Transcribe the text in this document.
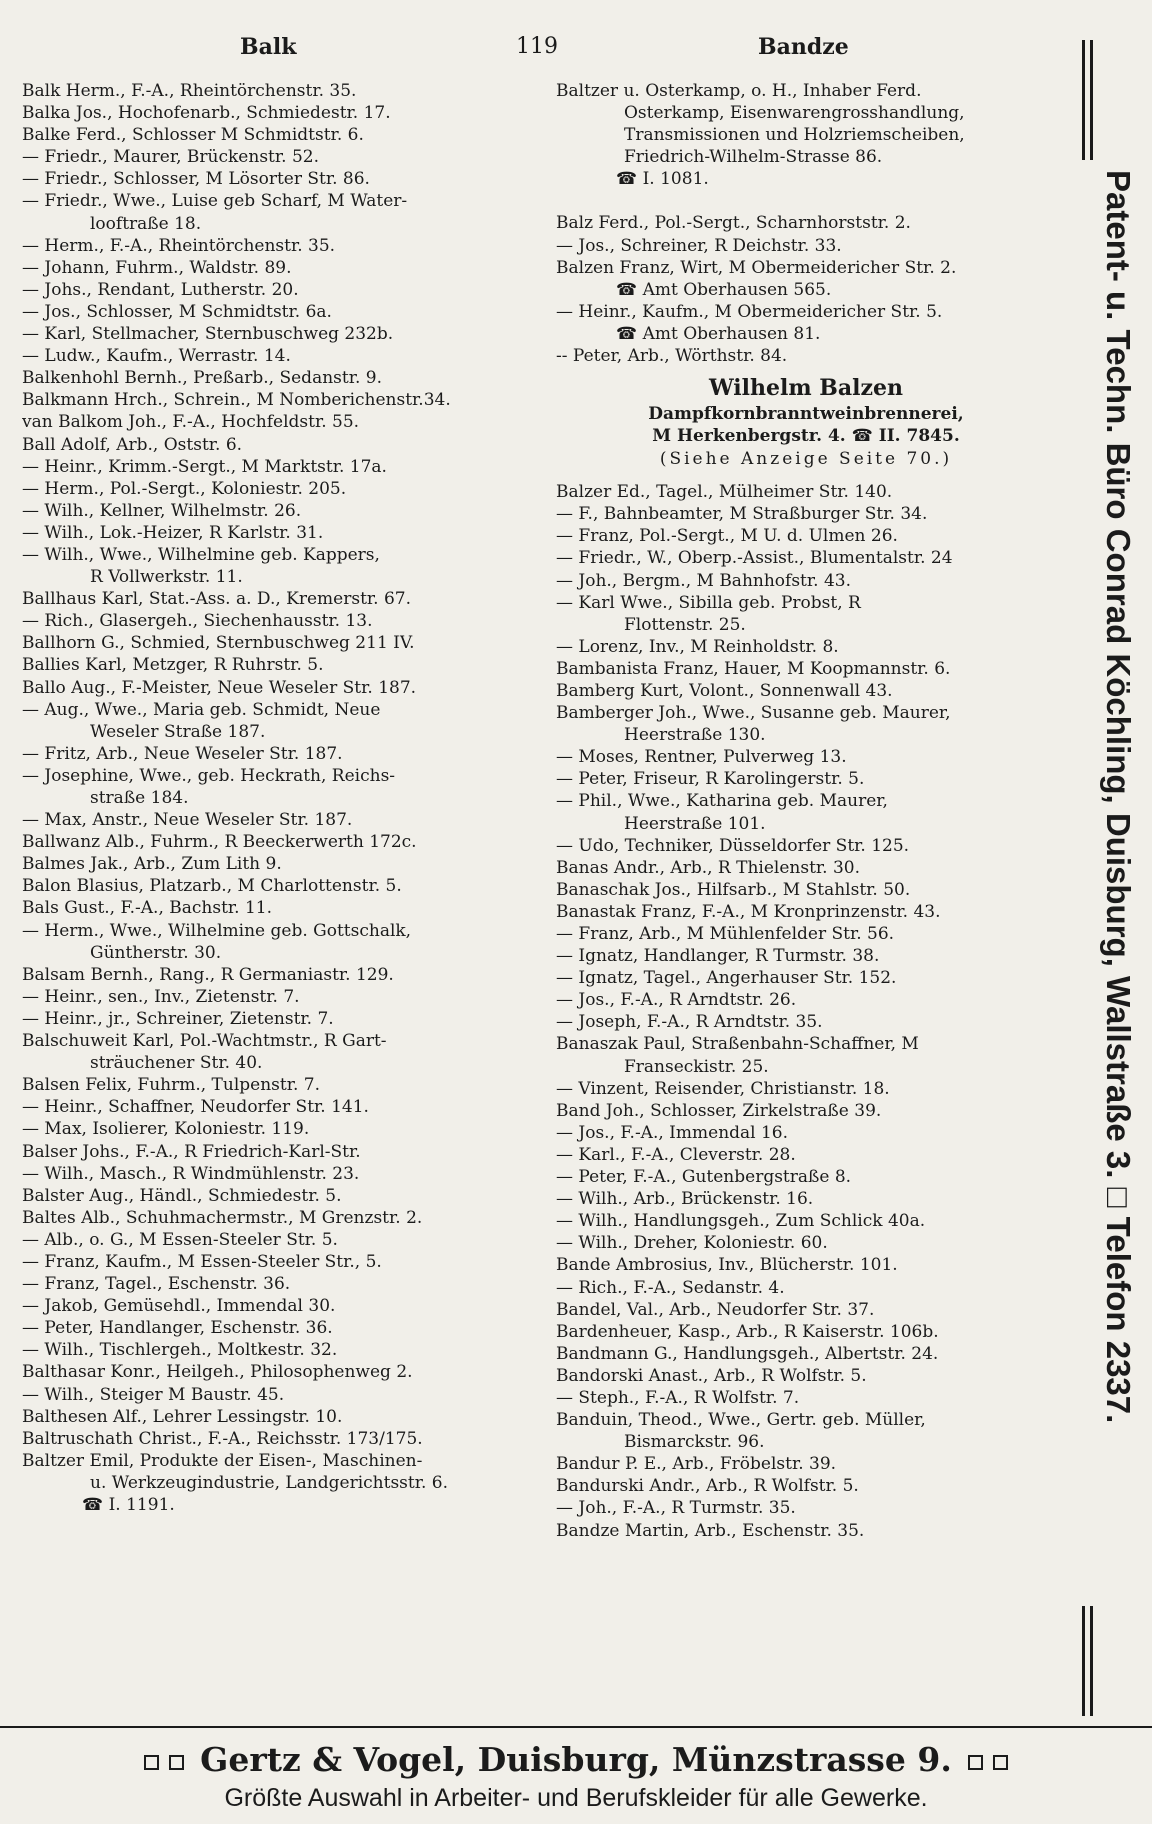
Balk	119	Bandze
Balk Herm., F.-A., Rheintörchenstr. 35.
Balka Jos., Hochofenarb., Schmiedestr. 17.
Balke Ferd., Schlosser M Schmidtstr. 6.
— Friedr., Maurer, Brückenstr. 52.
— Friedr., Schlosser, M Lösorter Str. 86.
— Friedr., Wwe., Luise geb Scharf, M Water-
looftraße 18.
— Herm., F.-A., Rheintörchenstr. 35.
— Johann, Fuhrm., Waldstr. 89.
— Johs., Rendant, Lutherstr. 20.
— Jos., Schlosser, M Schmidtstr. 6a.
— Karl, Stellmacher, Sternbuschweg 232b.
— Ludw., Kaufm., Werrastr. 14.
Balkenhohl Bernh., Preßarb., Sedanstr. 9.
Balkmann Hrch., Schrein., M Nomberichenstr.34.
van Balkom Joh., F.-A., Hochfeldstr. 55.
Ball Adolf, Arb., Oststr. 6.
— Heinr., Krimm.-Sergt., M Marktstr. 17a.
— Herm., Pol.-Sergt., Koloniestr. 205.
— Wilh., Kellner, Wilhelmstr. 26.
— Wilh., Lok.-Heizer, R Karlstr. 31.
— Wilh., Wwe., Wilhelmine geb. Kappers,
R Vollwerkstr. 11.
Ballhaus Karl, Stat.-Ass. a. D., Kremerstr. 67.
— Rich., Glasergeh., Siechenhausstr. 13.
Ballhorn G., Schmied, Sternbuschweg 211 IV.
Ballies Karl, Metzger, R Ruhrstr. 5.
Ballo Aug., F.-Meister, Neue Weseler Str. 187.
— Aug., Wwe., Maria geb. Schmidt, Neue
Weseler Straße 187.
— Fritz, Arb., Neue Weseler Str. 187.
— Josephine, Wwe., geb. Heckrath, Reichs-
straße 184.
— Max, Anstr., Neue Weseler Str. 187.
Ballwanz Alb., Fuhrm., R Beeckerwerth 172c.
Balmes Jak., Arb., Zum Lith 9.
Balon Blasius, Platzarb., M Charlottenstr. 5.
Bals Gust., F.-A., Bachstr. 11.
— Herm., Wwe., Wilhelmine geb. Gottschalk,
Güntherstr. 30.
Balsam Bernh., Rang., R Germaniastr. 129.
— Heinr., sen., Inv., Zietenstr. 7.
— Heinr., jr., Schreiner, Zietenstr. 7.
Balschuweit Karl, Pol.-Wachtmstr., R Gart-
sträuchener Str. 40.
Balsen Felix, Fuhrm., Tulpenstr. 7.
— Heinr., Schaffner, Neudorfer Str. 141.
— Max, Isolierer, Koloniestr. 119.
Balser Johs., F.-A., R Friedrich-Karl-Str.
— Wilh., Masch., R Windmühlenstr. 23.
Balster Aug., Händl., Schmiedestr. 5.
Baltes Alb., Schuhmachermstr., M Grenzstr. 2.
— Alb., o. G., M Essen-Steeler Str. 5.
— Franz, Kaufm., M Essen-Steeler Str., 5.
— Franz, Tagel., Eschenstr. 36.
— Jakob, Gemüsehdl., Immendal 30.
— Peter, Handlanger, Eschenstr. 36.
— Wilh., Tischlergeh., Moltkestr. 32.
Balthasar Konr., Heilgeh., Philosophenweg 2.
— Wilh., Steiger M Baustr. 45.
Balthesen Alf., Lehrer Lessingstr. 10.
Baltruschath Christ., F.-A., Reichsstr. 173/175.
Baltzer Emil, Produkte der Eisen-, Maschinen-
u. Werkzeugindustrie, Landgerichtsstr. 6.
☎ I. 1191.
Baltzer u. Osterkamp, o. H., Inhaber Ferd.
Osterkamp, Eisenwarengrosshandlung,
Transmissionen und Holzriemscheiben,
Friedrich-Wilhelm-Strasse 86.
☎ I. 1081.
Balz Ferd., Pol.-Sergt., Scharnhorststr. 2.
— Jos., Schreiner, R Deichstr. 33.
Balzen Franz, Wirt, M Obermeidericher Str. 2.
☎ Amt Oberhausen 565.
— Heinr., Kaufm., M Obermeidericher Str. 5.
☎ Amt Oberhausen 81.
-- Peter, Arb., Wörthstr. 84.
Wilhelm Balzen
Dampfkornbranntweinbrennerei,
M Herkenbergstr. 4. ☎ II. 7845.
(Siehe Anzeige Seite 70.)
Balzer Ed., Tagel., Mülheimer Str. 140.
— F., Bahnbeamter, M Straßburger Str. 34.
— Franz, Pol.-Sergt., M U. d. Ulmen 26.
— Friedr., W., Oberp.-Assist., Blumentalstr. 24
— Joh., Bergm., M Bahnhofstr. 43.
— Karl Wwe., Sibilla geb. Probst, R
Flottenstr. 25.
— Lorenz, Inv., M Reinholdstr. 8.
Bambanista Franz, Hauer, M Koopmannstr. 6.
Bamberg Kurt, Volont., Sonnenwall 43.
Bamberger Joh., Wwe., Susanne geb. Maurer,
Heerstraße 130.
— Moses, Rentner, Pulverweg 13.
— Peter, Friseur, R Karolingerstr. 5.
— Phil., Wwe., Katharina geb. Maurer,
Heerstraße 101.
— Udo, Techniker, Düsseldorfer Str. 125.
Banas Andr., Arb., R Thielenstr. 30.
Banaschak Jos., Hilfsarb., M Stahlstr. 50.
Banastak Franz, F.-A., M Kronprinzenstr. 43.
— Franz, Arb., M Mühlenfelder Str. 56.
— Ignatz, Handlanger, R Turmstr. 38.
— Ignatz, Tagel., Angerhauser Str. 152.
— Jos., F.-A., R Arndtstr. 26.
— Joseph, F.-A., R Arndtstr. 35.
Banaszak Paul, Straßenbahn-Schaffner, M
Franseckistr. 25.
— Vinzent, Reisender, Christianstr. 18.
Band Joh., Schlosser, Zirkelstraße 39.
— Jos., F.-A., Immendal 16.
— Karl., F.-A., Cleverstr. 28.
— Peter, F.-A., Gutenbergstraße 8.
— Wilh., Arb., Brückenstr. 16.
— Wilh., Handlungsgeh., Zum Schlick 40a.
— Wilh., Dreher, Koloniestr. 60.
Bande Ambrosius, Inv., Blücherstr. 101.
— Rich., F.-A., Sedanstr. 4.
Bandel, Val., Arb., Neudorfer Str. 37.
Bardenheuer, Kasp., Arb., R Kaiserstr. 106b.
Bandmann G., Handlungsgeh., Albertstr. 24.
Bandorski Anast., Arb., R Wolfstr. 5.
— Steph., F.-A., R Wolfstr. 7.
Banduin, Theod., Wwe., Gertr. geb. Müller,
Bismarckstr. 96.
Bandur P. E., Arb., Fröbelstr. 39.
Bandurski Andr., Arb., R Wolfstr. 5.
— Joh., F.-A., R Turmstr. 35.
Bandze Martin, Arb., Eschenstr. 35.
Patent- u. Techn. Büro Conrad Köchling, Duisburg, Wallstraße 3. □ Telefon 2337.
Gertz & Vogel, Duisburg, Münzstrasse 9.
Größte Auswahl in Arbeiter- und Berufskleider für alle Gewerke.
